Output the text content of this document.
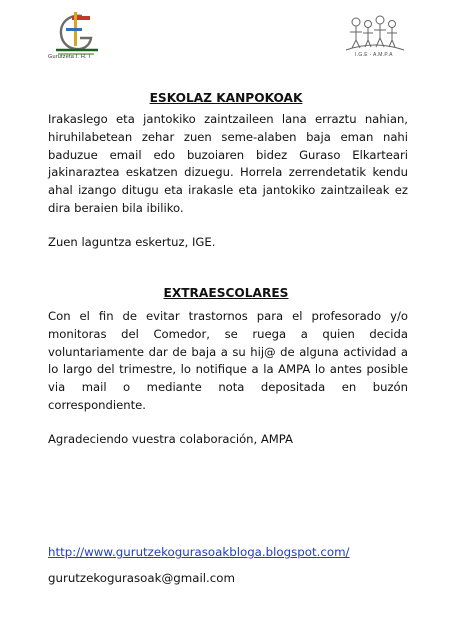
Gurutzeta I. H. I	I.G.E - A.M.P.A
ESKOLAZ KANPOKOAK

Irakaslego eta jantokiko zaintzaileen lana erraztu nahian, hiruhilabetean zehar zuen seme-alaben baja eman nahi baduzue email edo buzoiaren bidez Guraso Elkarteari jakinaraztea eskatzen dizuegu. Horrela zerrendetatik kendu ahal izango ditugu eta irakasle eta jantokiko zaintzaileak ez dira beraien bila ibiliko.

Zuen laguntza eskertuz, IGE.

EXTRAESCOLARES

Con el fin de evitar trastornos para el profesorado y/o monitoras del Comedor, se ruega a quien decida voluntariamente dar de baja a su hij@ de alguna actividad a lo largo del trimestre, lo notifique a la AMPA lo antes posible via mail o mediante nota depositada en buzón correspondiente.

Agradeciendo vuestra colaboración, AMPA

http://www.gurutzekogurasoakbloga.blogspot.com/
gurutzekogurasoak@gmail.com
